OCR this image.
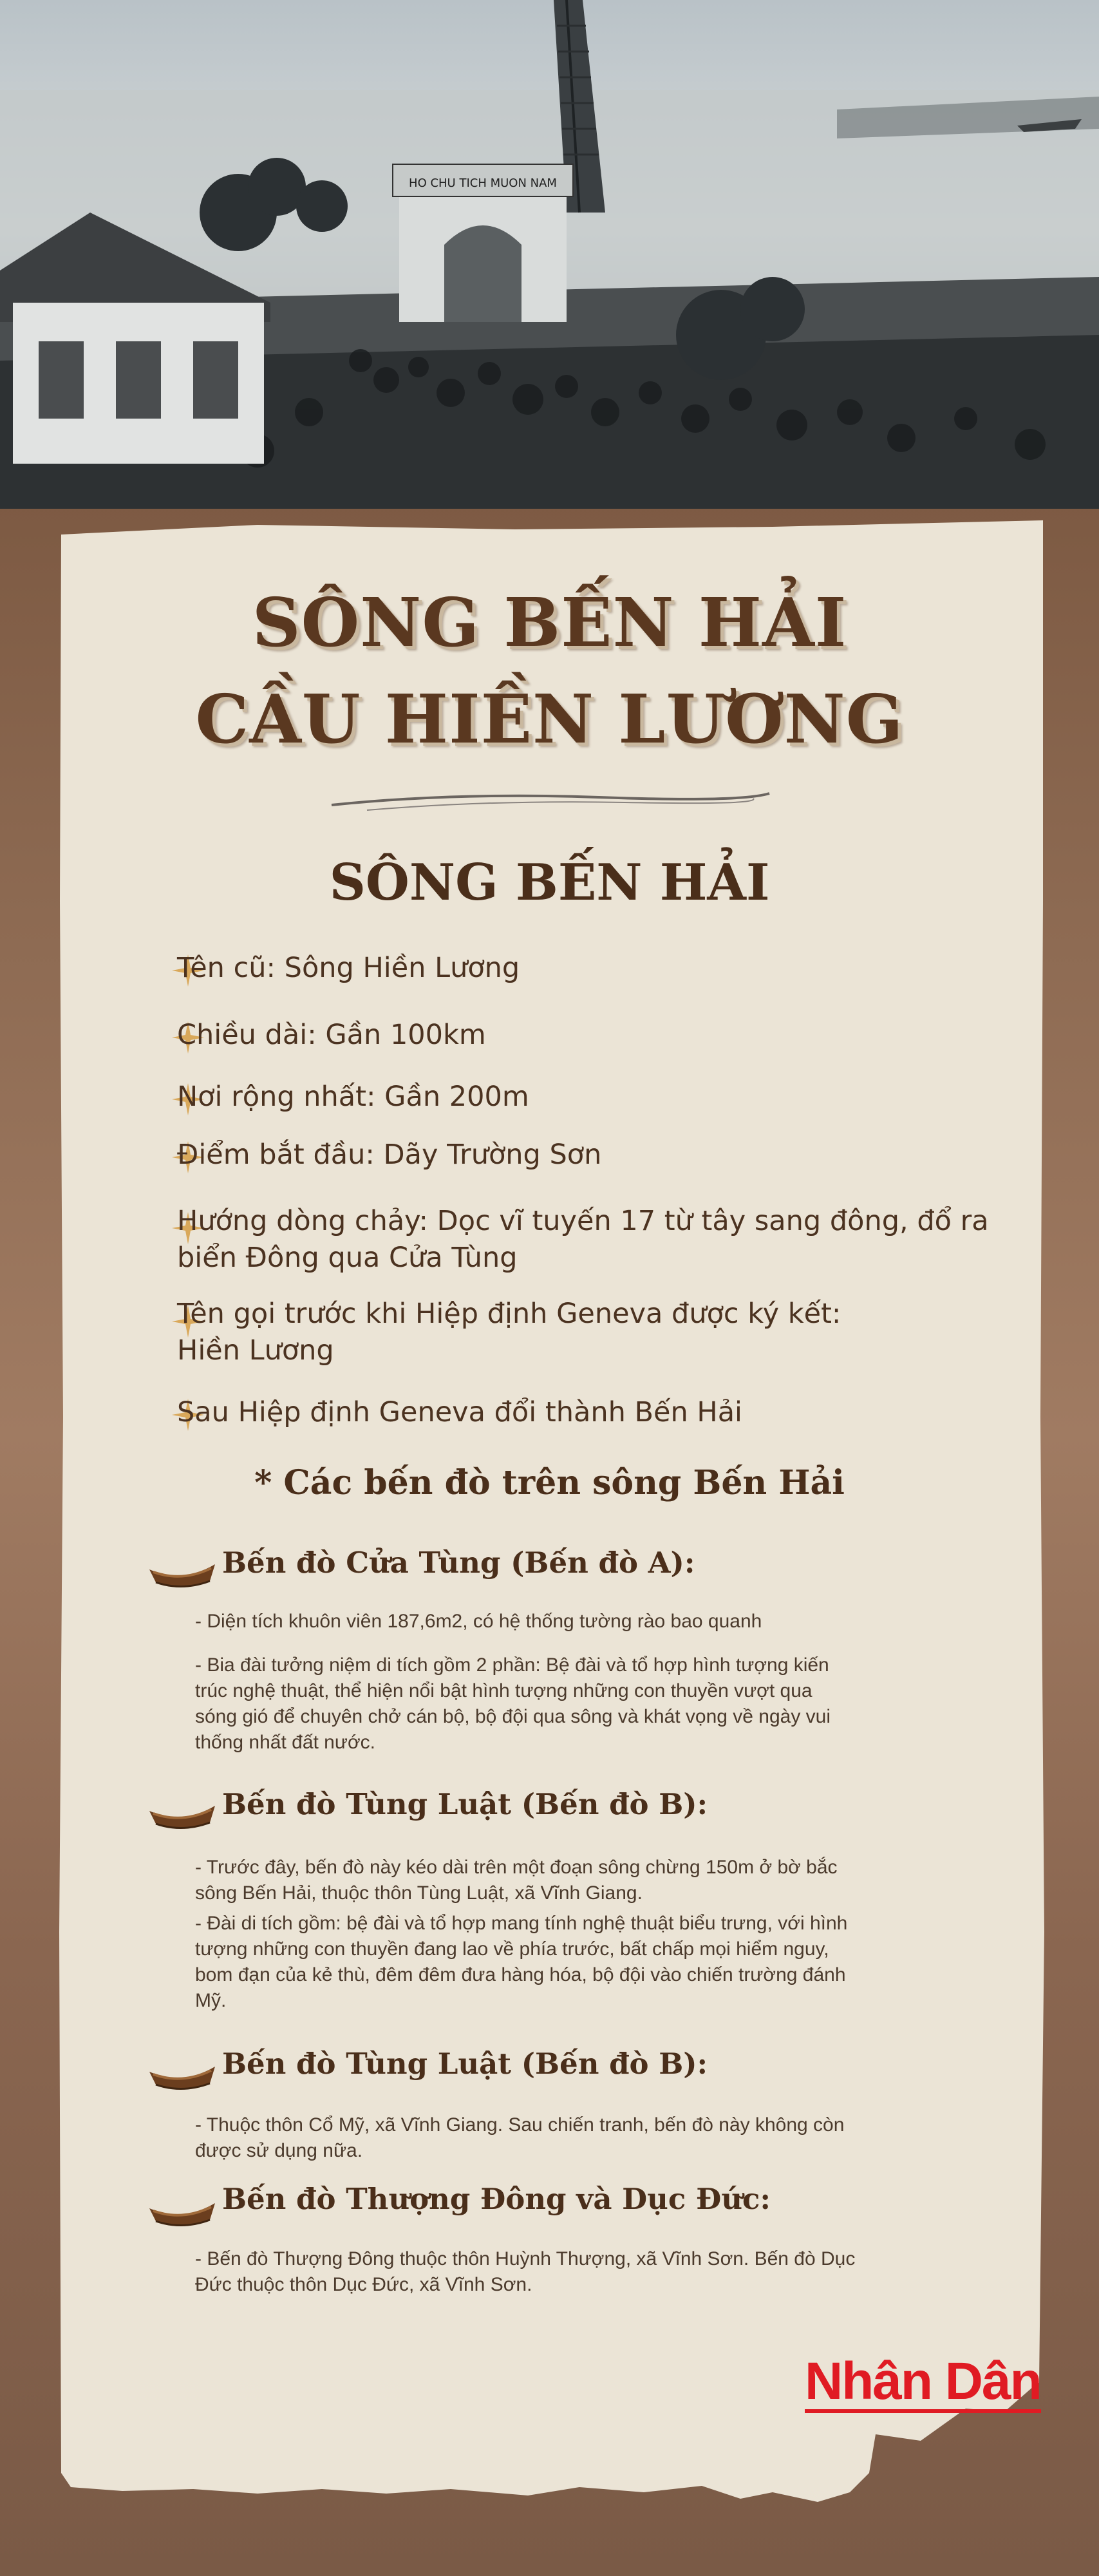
HO CHU TICH MUON NAM
SÔNG BẾN HẢI
CẦU HIỀN LƯƠNG
SÔNG BẾN HẢI
Tên cũ: Sông Hiền Lương
Chiều dài: Gần 100km
Nơi rộng nhất: Gần 200m
Điểm bắt đầu: Dãy Trường Sơn
Hướng dòng chảy: Dọc vĩ tuyến 17 từ tây sang đông, đổ ra
biển Đông qua Cửa Tùng
Tên gọi trước khi Hiệp định Geneva được ký kết:
Hiền Lương
Sau Hiệp định Geneva đổi thành Bến Hải
* Các bến đò trên sông Bến Hải
Bến đò Cửa Tùng (Bến đò A):
- Diện tích khuôn viên 187,6m2, có hệ thống tường rào bao quanh
- Bia đài tưởng niệm di tích gồm 2 phần: Bệ đài và tổ hợp hình tượng kiến
trúc nghệ thuật, thể hiện nổi bật hình tượng những con thuyền vượt qua
sóng gió để chuyên chở cán bộ, bộ đội qua sông và khát vọng về ngày vui
thống nhất đất nước.
Bến đò Tùng Luật (Bến đò B):
- Trước đây, bến đò này kéo dài trên một đoạn sông chừng 150m ở bờ bắc
sông Bến Hải, thuộc thôn Tùng Luật, xã Vĩnh Giang.
- Đài di tích gồm: bệ đài và tổ hợp mang tính nghệ thuật biểu trưng, với hình
tượng những con thuyền đang lao về phía trước, bất chấp mọi hiểm nguy,
bom đạn của kẻ thù, đêm đêm đưa hàng hóa, bộ đội vào chiến trường đánh
Mỹ.
Bến đò Tùng Luật (Bến đò B):
- Thuộc thôn Cổ Mỹ, xã Vĩnh Giang. Sau chiến tranh, bến đò này không còn
được sử dụng nữa.
Bến đò Thượng Đông và Dục Đức:
- Bến đò Thượng Đông thuộc thôn Huỳnh Thượng, xã Vĩnh Sơn. Bến đò Dục
Đức thuộc thôn Dục Đức, xã Vĩnh Sơn.
Nhân Dân
